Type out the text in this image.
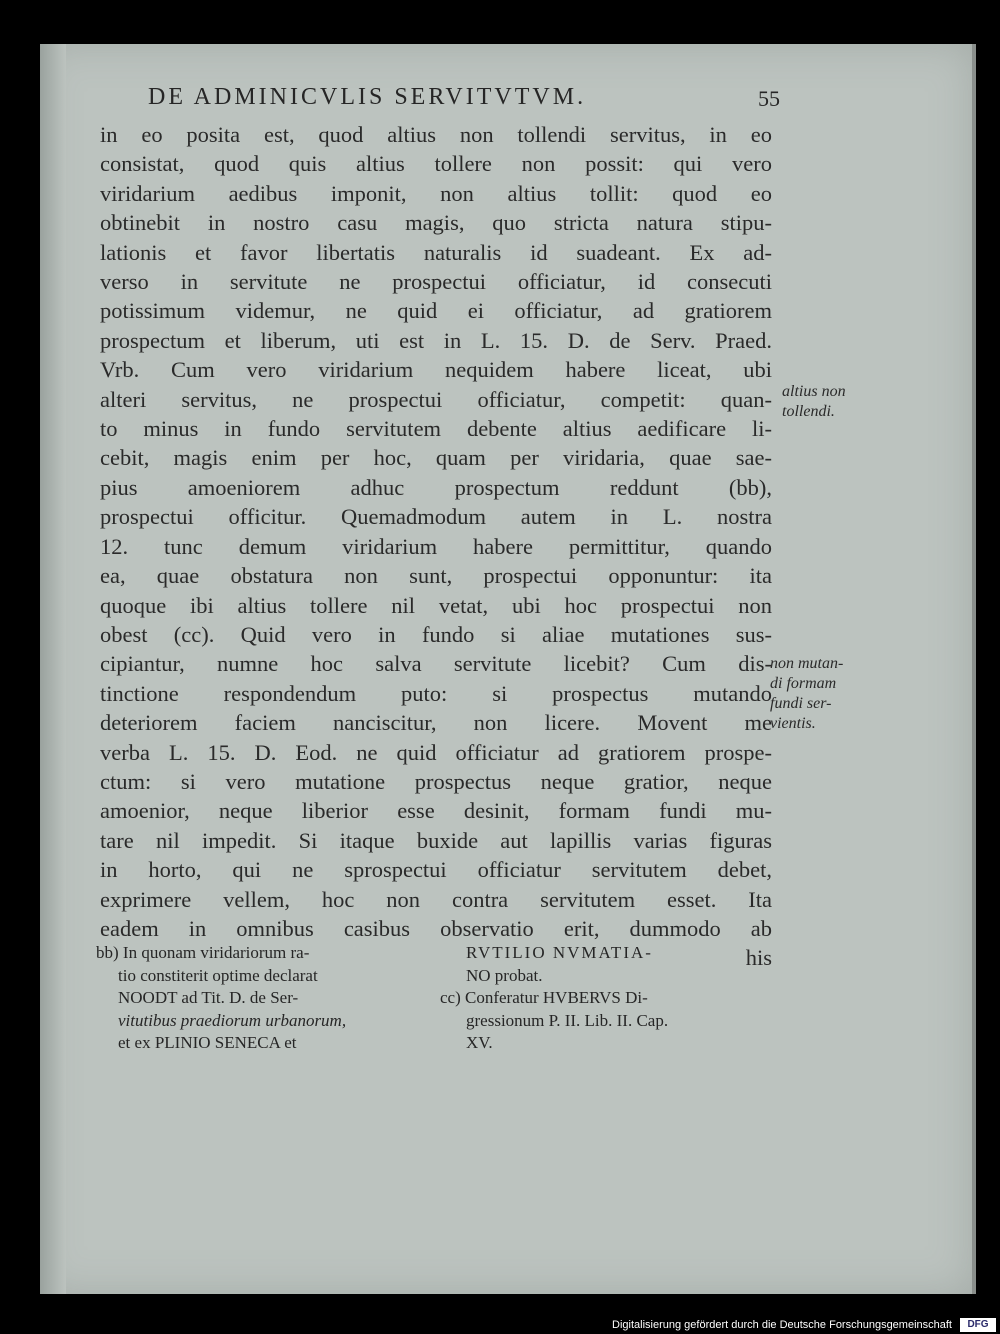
DE ADMINICVLIS SERVITVTVM.	55
in eo posita est, quod altius non tollendi servitus, in eo
consistat, quod quis altius tollere non possit: qui vero
viridarium aedibus imponit, non altius tollit: quod eo
obtinebit in nostro casu magis, quo stricta natura stipu-
lationis et favor libertatis naturalis id suadeant. Ex ad-
verso in servitute ne prospectui officiatur, id consecuti
potissimum videmur, ne quid ei officiatur, ad gratiorem
prospectum et liberum, uti est in L. 15. D. de Serv. Praed.
Vrb. Cum vero viridarium nequidem habere liceat, ubi
alteri servitus, ne prospectui officiatur, competit: quan-
to minus in fundo servitutem debente altius aedificare li-
cebit, magis enim per hoc, quam per viridaria, quae sae-
pius amoeniorem adhuc prospectum reddunt (bb),
prospectui officitur. Quemadmodum autem in L. nostra
12. tunc demum viridarium habere permittitur, quando
ea, quae obstatura non sunt, prospectui opponuntur: ita
quoque ibi altius tollere nil vetat, ubi hoc prospectui non
obest (cc). Quid vero in fundo si aliae mutationes sus-
cipiantur, numne hoc salva servitute licebit? Cum dis-
tinctione respondendum puto: si prospectus mutando
deteriorem faciem nanciscitur, non licere. Movent me
verba L. 15. D. Eod. ne quid officiatur ad gratiorem prospe-
ctum: si vero mutatione prospectus neque gratior, neque
amoenior, neque liberior esse desinit, formam fundi mu-
tare nil impedit. Si itaque buxide aut lapillis varias figuras
in horto, qui ne sprospectui officiatur servitutem debet,
exprimere vellem, hoc non contra servitutem esset. Ita
eadem in omnibus casibus observatio erit, dummodo ab
his
altius non
tollendi.
non mutan-
di formam
fundi ser-
vientis.
bb) In quonam viridariorum ra-
tio constiterit optime declarat
NOODT ad Tit. D. de Ser-
vitutibus praediorum urbanorum,
et ex PLINIO SENECA et
RVTILIO NVMATIA-
NO probat.
cc) Conferatur HVBERVS Di-
gressionum P. II. Lib. II. Cap.
XV.
Digitalisierung gefördert durch die Deutsche Forschungsgemeinschaft	DFG
